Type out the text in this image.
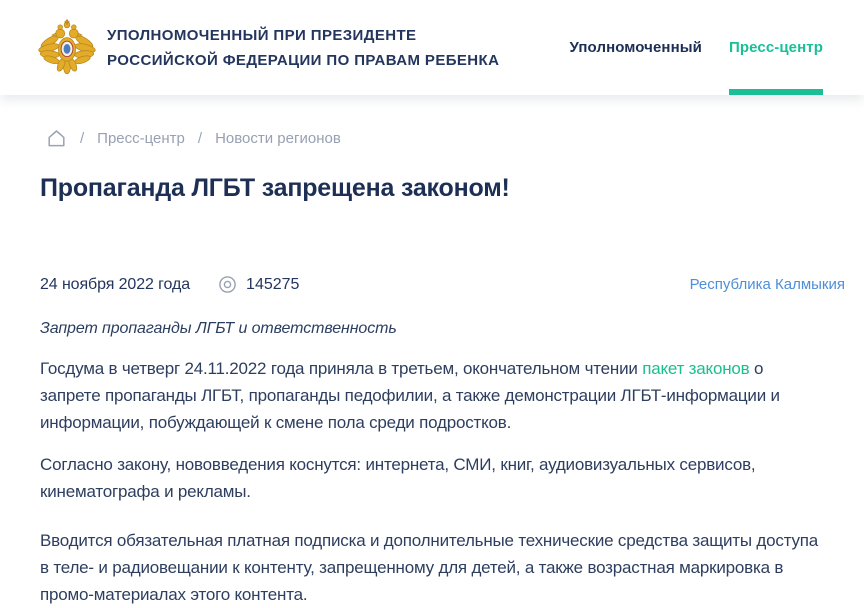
УПОЛНОМОЧЕННЫЙ ПРИ ПРЕЗИДЕНТЕ
РОССИЙСКОЙ ФЕДЕРАЦИИ ПО ПРАВАМ РЕБЕНКА
Уполномоченный Пресс-центр
/ Пресс-центр / Новости регионов
Пропаганда ЛГБТ запрещена законом!
24 ноября 2022 года	145275	Республика Калмыкия
Запрет пропаганды ЛГБТ и ответственность

Госдума в четверг 24.11.2022 года приняла в третьем, окончательном чтении пакет законов о запрете пропаганды ЛГБТ, пропаганды педофилии, а также демонстрации ЛГБТ-информации и информации, побуждающей к смене пола среди подростков.

Согласно закону, нововведения коснутся: интернета, СМИ, книг, аудиовизуальных сервисов, кинематографа и рекламы.

Вводится обязательная платная подписка и дополнительные технические средства защиты доступа в теле- и радиовещании к контенту, запрещенному для детей, а также возрастная маркировка в промо-материалах этого контента.
